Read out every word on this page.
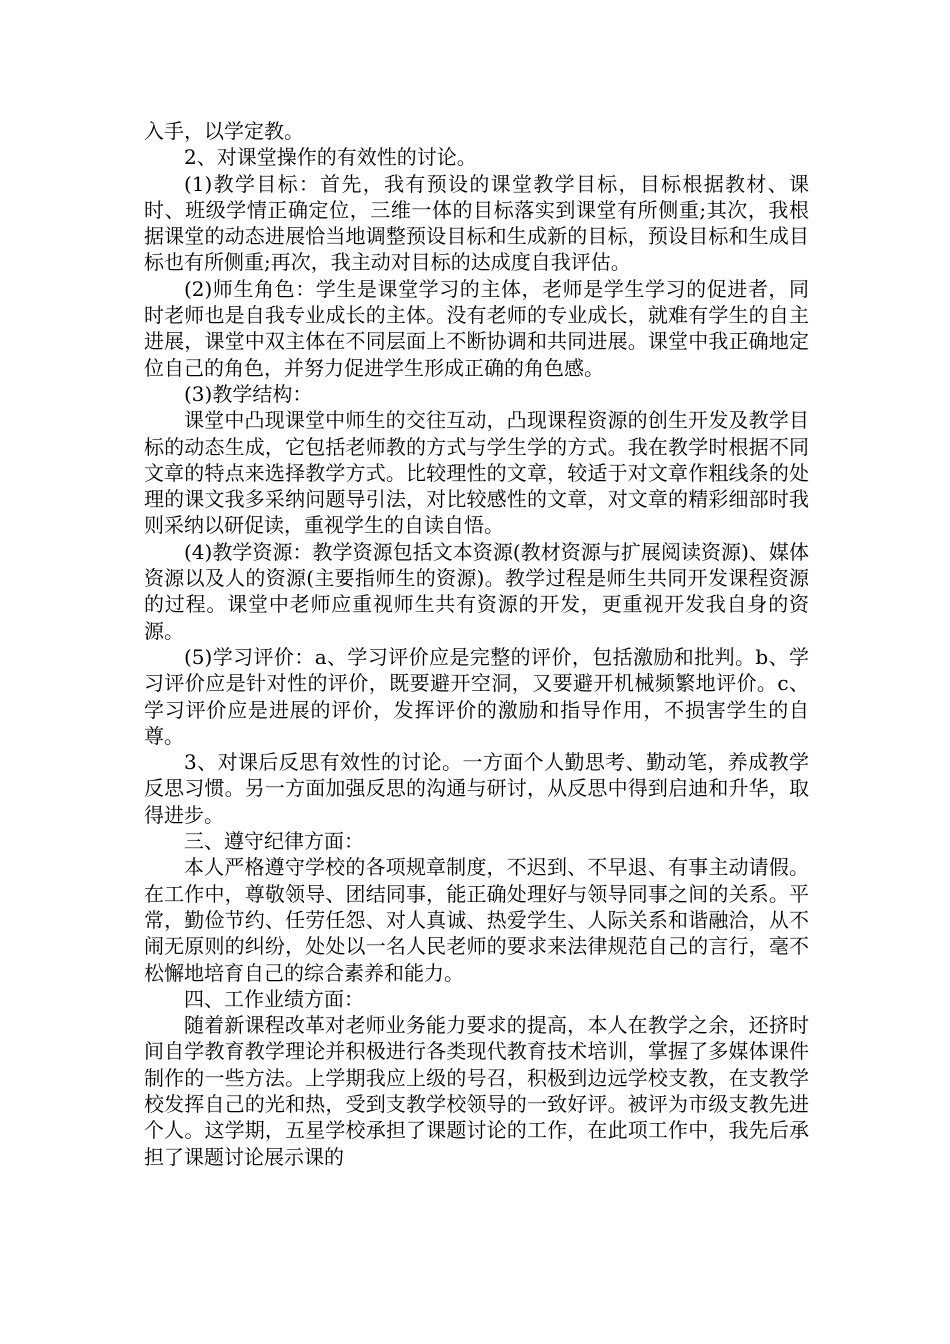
入手，以学定教。

2、对课堂操作的有效性的讨论。

(1)教学目标：首先，我有预设的课堂教学目标，目标根据教材、课时、班级学情正确定位，三维一体的目标落实到课堂有所侧重;其次，我根据课堂的动态进展恰当地调整预设目标和生成新的目标，预设目标和生成目标也有所侧重;再次，我主动对目标的达成度自我评估。

(2)师生角色：学生是课堂学习的主体，老师是学生学习的促进者，同时老师也是自我专业成长的主体。没有老师的专业成长，就难有学生的自主进展，课堂中双主体在不同层面上不断协调和共同进展。课堂中我正确地定位自己的角色，并努力促进学生形成正确的角色感。

(3)教学结构：

课堂中凸现课堂中师生的交往互动，凸现课程资源的创生开发及教学目标的动态生成，它包括老师教的方式与学生学的方式。我在教学时根据不同文章的特点来选择教学方式。比较理性的文章，较适于对文章作粗线条的处理的课文我多采纳问题导引法，对比较感性的文章，对文章的精彩细部时我则采纳以研促读，重视学生的自读自悟。

(4)教学资源：教学资源包括文本资源(教材资源与扩展阅读资源)、媒体资源以及人的资源(主要指师生的资源)。教学过程是师生共同开发课程资源的过程。课堂中老师应重视师生共有资源的开发，更重视开发我自身的资源。

(5)学习评价：a、学习评价应是完整的评价，包括激励和批判。b、学习评价应是针对性的评价，既要避开空洞，又要避开机械频繁地评价。c、学习评价应是进展的评价，发挥评价的激励和指导作用，不损害学生的自尊。

3、对课后反思有效性的讨论。一方面个人勤思考、勤动笔，养成教学反思习惯。另一方面加强反思的沟通与研讨，从反思中得到启迪和升华，取得进步。

三、遵守纪律方面：

本人严格遵守学校的各项规章制度，不迟到、不早退、有事主动请假。在工作中，尊敬领导、团结同事，能正确处理好与领导同事之间的关系。平常，勤俭节约、任劳任怨、对人真诚、热爱学生、人际关系和谐融洽，从不闹无原则的纠纷，处处以一名人民老师的要求来法律规范自己的言行，毫不松懈地培育自己的综合素养和能力。

四、工作业绩方面：

随着新课程改革对老师业务能力要求的提高，本人在教学之余，还挤时间自学教育教学理论并积极进行各类现代教育技术培训，掌握了多媒体课件制作的一些方法。上学期我应上级的号召，积极到边远学校支教，在支教学校发挥自己的光和热，受到支教学校领导的一致好评。被评为市级支教先进个人。这学期，五星学校承担了课题讨论的工作，在此项工作中，我先后承担了课题讨论展示课的
